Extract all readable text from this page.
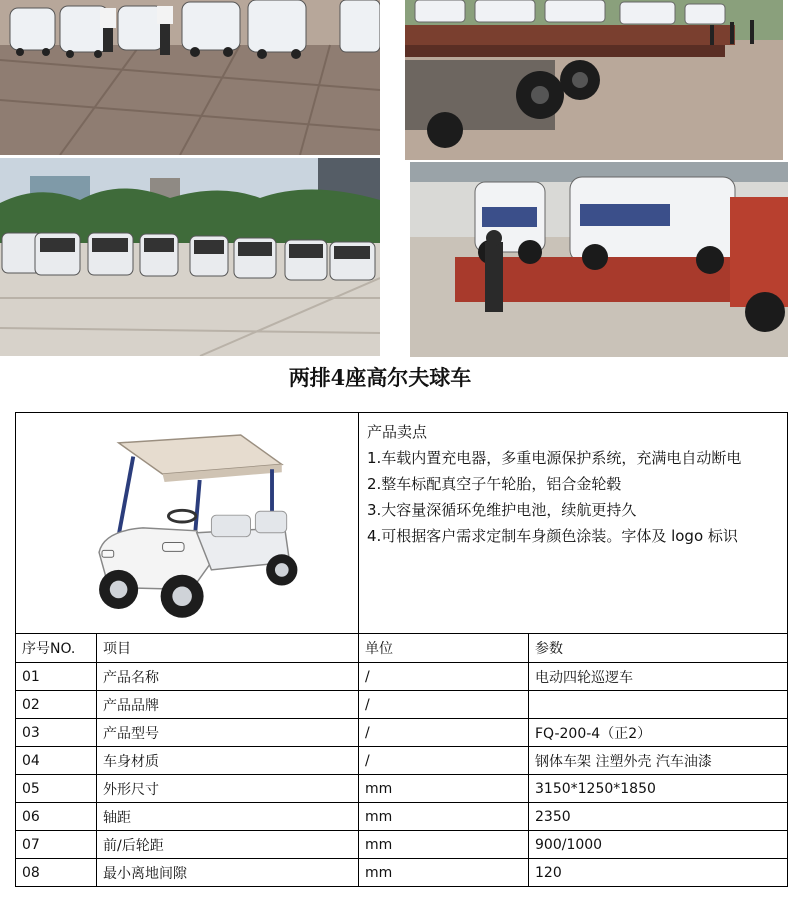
两排4座高尔夫球车

产品卖点
1.车载内置充电器，多重电源保护系统，充满电自动断电
2.整车标配真空子午轮胎，铝合金轮毂
3.大容量深循环免维护电池，续航更持久
4.可根据客户需求定制车身颜色涂装。字体及 logo 标识	

序号NO.	项目	单位	参数
01	产品名称	/	电动四轮巡逻车
02	产品品牌	/	
03	产品型号	/	FQ-200-4（正2）
04	车身材质	/	钢体车架 注塑外壳 汽车油漆
05	外形尺寸	mm	3150*1250*1850
06	轴距	mm	2350
07	前/后轮距	mm	900/1000
08	最小离地间隙	mm	120
